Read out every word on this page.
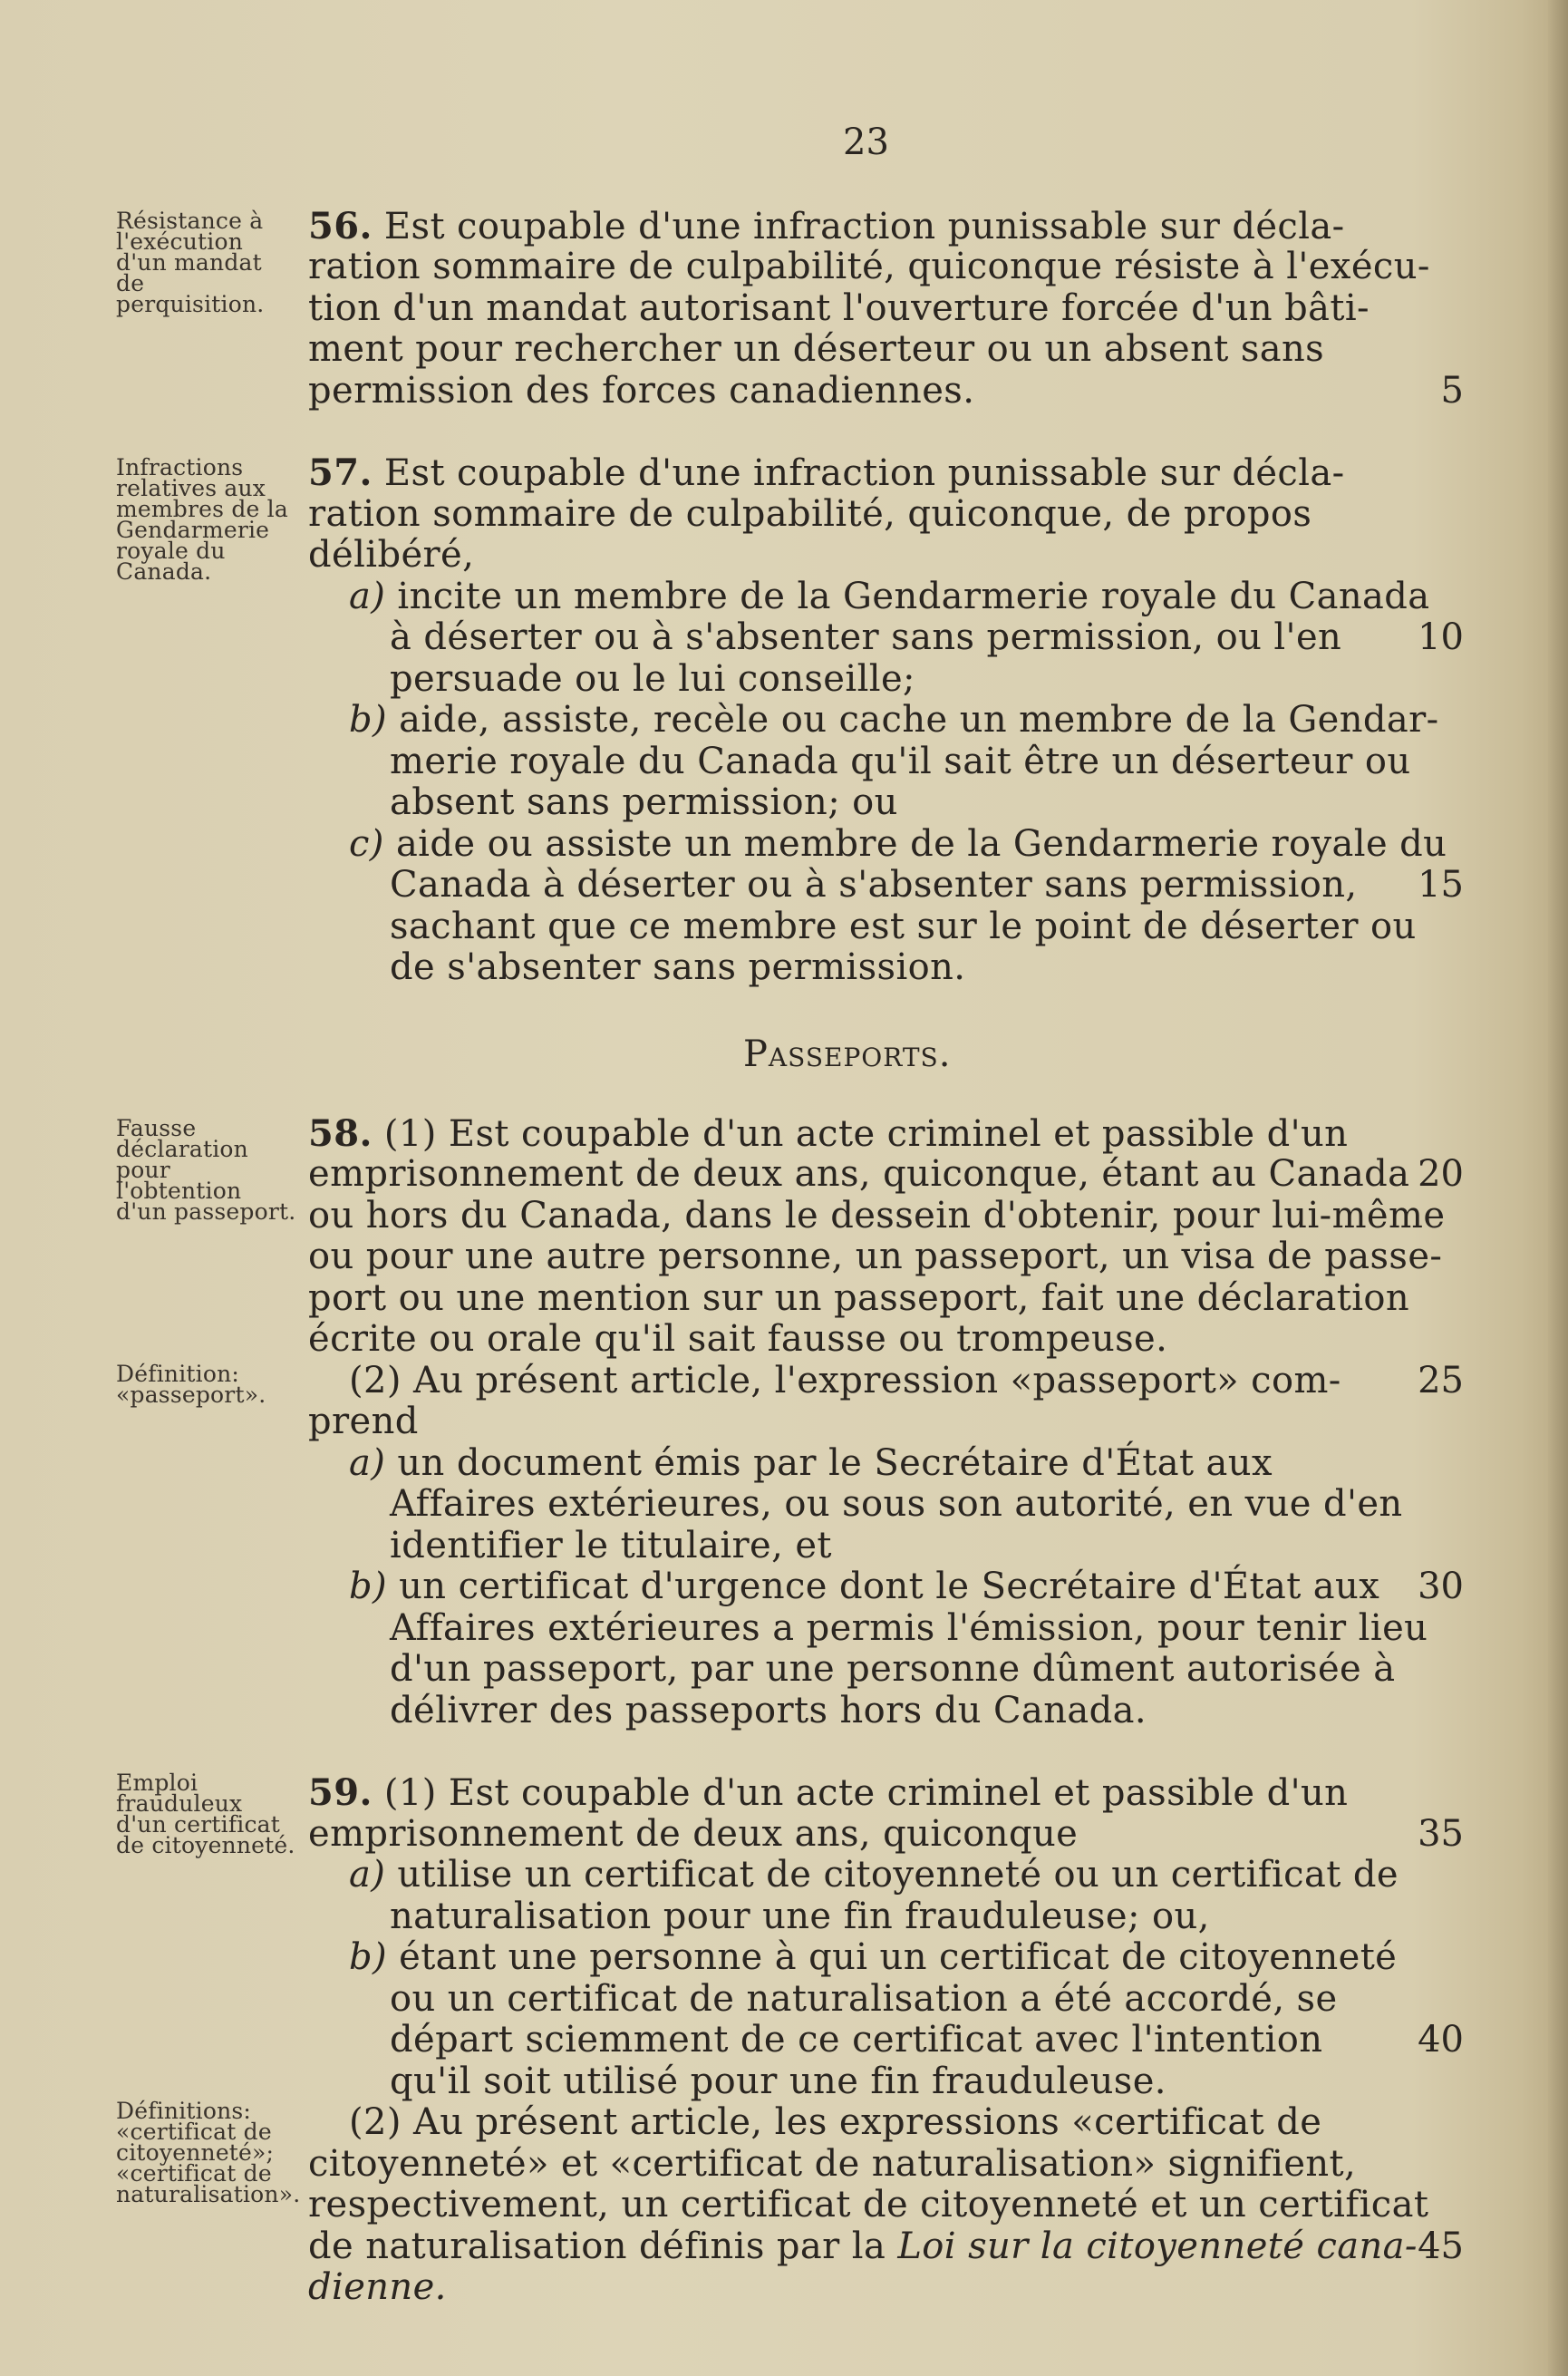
23
Résistance à l'exécution d'un mandat de perquisition.
Infractions relatives aux membres de la Gendarmerie royale du Canada.
Fausse déclaration pour l'obtention d'un passeport.
Définition: «passeport».
Emploi frauduleux d'un certificat de citoyenneté.
Définitions: «certificat de citoyenneté»; «certificat de naturalisation».
56. Est coupable d'une infraction punissable sur décla-
ration sommaire de culpabilité, quiconque résiste à l'exécu-
tion d'un mandat autorisant l'ouverture forcée d'un bâti-
ment pour rechercher un déserteur ou un absent sans
permission des forces canadiennes.	5
57. Est coupable d'une infraction punissable sur décla-
ration sommaire de culpabilité, quiconque, de propos
délibéré,
a) incite un membre de la Gendarmerie royale du Canada
à déserter ou à s'absenter sans permission, ou l'en 10
persuade ou le lui conseille;
b) aide, assiste, recèle ou cache un membre de la Gendar-
merie royale du Canada qu'il sait être un déserteur ou
absent sans permission; ou
c) aide ou assiste un membre de la Gendarmerie royale du
Canada à déserter ou à s'absenter sans permission, 15
sachant que ce membre est sur le point de déserter ou
de s'absenter sans permission.
Passeports.
58. (1) Est coupable d'un acte criminel et passible d'un
emprisonnement de deux ans, quiconque, étant au Canada 20
ou hors du Canada, dans le dessein d'obtenir, pour lui-même
ou pour une autre personne, un passeport, un visa de passe-
port ou une mention sur un passeport, fait une déclaration
écrite ou orale qu'il sait fausse ou trompeuse.
(2) Au présent article, l'expression «passeport» com- 25
prend
a) un document émis par le Secrétaire d'État aux
Affaires extérieures, ou sous son autorité, en vue d'en
identifier le titulaire, et
b) un certificat d'urgence dont le Secrétaire d'État aux 30
Affaires extérieures a permis l'émission, pour tenir lieu
d'un passeport, par une personne dûment autorisée à
délivrer des passeports hors du Canada.
59. (1) Est coupable d'un acte criminel et passible d'un
emprisonnement de deux ans, quiconque	35
a) utilise un certificat de citoyenneté ou un certificat de
naturalisation pour une fin frauduleuse; ou,
b) étant une personne à qui un certificat de citoyenneté
ou un certificat de naturalisation a été accordé, se
départ sciemment de ce certificat avec l'intention	40
qu'il soit utilisé pour une fin frauduleuse.
(2) Au présent article, les expressions «certificat de
citoyenneté» et «certificat de naturalisation» signifient,
respectivement, un certificat de citoyenneté et un certificat
de naturalisation définis par la Loi sur la citoyenneté cana- 45
dienne.
